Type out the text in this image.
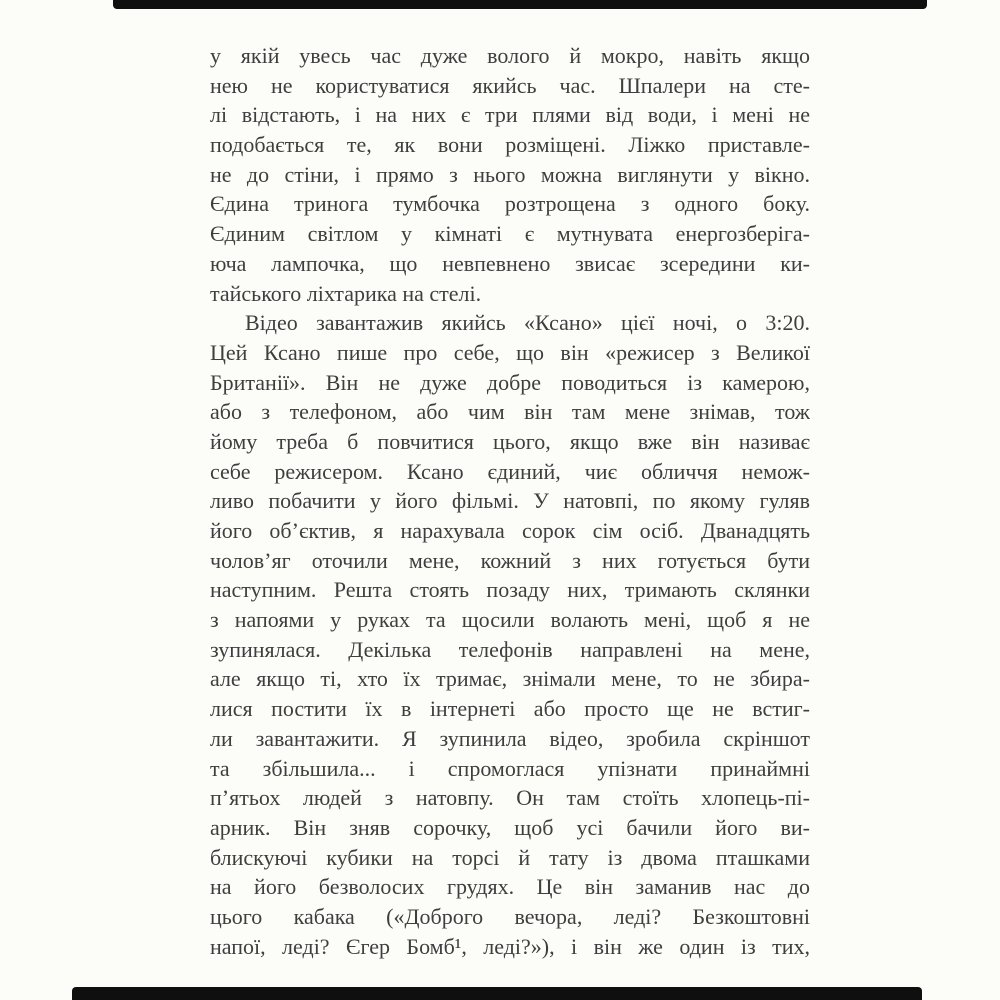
у якій увесь час дуже волого й мокро, навіть якщо
нею не користуватися якийсь час. Шпалери на сте-
лі відстають, і на них є три плями від води, і мені не
подобається те, як вони розміщені. Ліжко приставле-
не до стіни, і прямо з нього можна виглянути у вікно.
Єдина тринога тумбочка розтрощена з одного боку.
Єдиним світлом у кімнаті є мутнувата енергозберіга-
юча лампочка, що невпевнено звисає зсередини ки-
тайського ліхтарика на стелі.
Відео завантажив якийсь «Ксано» цієї ночі, о 3:20.
Цей Ксано пише про себе, що він «режисер з Великої
Британії». Він не дуже добре поводиться із камерою,
або з телефоном, або чим він там мене знімав, тож
йому треба б повчитися цього, якщо вже він називає
себе режисером. Ксано єдиний, чиє обличчя немож-
ливо побачити у його фільмі. У натовпі, по якому гуляв
його об’єктив, я нарахувала сорок сім осіб. Дванадцять
чолов’яг оточили мене, кожний з них готується бути
наступним. Решта стоять позаду них, тримають склянки
з напоями у руках та щосили волають мені, щоб я не
зупинялася. Декілька телефонів направлені на мене,
але якщо ті, хто їх тримає, знімали мене, то не збира-
лися постити їх в інтернеті або просто ще не встиг-
ли завантажити. Я зупинила відео, зробила скріншот
та збільшила... і спромоглася упізнати принаймні
п’ятьох людей з натовпу. Он там стоїть хлопець-пі-
арник. Він зняв сорочку, щоб усі бачили його ви-
блискуючі кубики на торсі й тату із двома пташками
на його безволосих грудях. Це він заманив нас до
цього кабака («Доброго вечора, леді? Безкоштовні
напої, леді? Єгер Бомб¹, леді?»), і він же один із тих,
